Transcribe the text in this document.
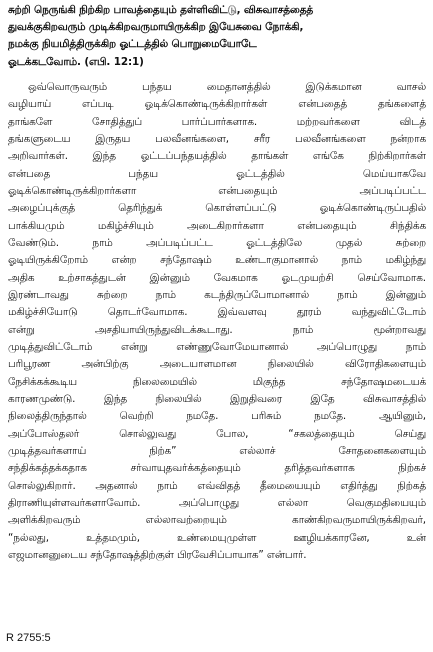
சுற்றி நெருங்கி நிற்கிற பாவத்தையும் தள்ளிவிட்டு, விசுவாசத்தைத்
துவக்குகிறவரும் முடிக்கிறவருமாயிருக்கிற இயேசுவை நோக்கி,
நமக்கு நியமித்திருக்கிற ஓட்டத்தில் பொறுமையோடே
ஓடக்கடவோம். (எபி. 12:1)
ஒவ்வொருவரும் பந்தய மைதானத்தில் இடுக்கமான வாசல்
வழியாய் எப்படி ஓடிக்கொண்டிருக்கிறார்கள் என்பதைத் தங்களைத்
தாங்களே சோதித்துப் பார்ப்பார்களாக. மற்றவர்களை விடத்
தங்களுடைய இருதய பலவீனங்களை, சரீர பலவீனங்களை நன்றாக
அறிவார்கள். இந்த ஓட்டப்பந்தயத்தில் தாங்கள் எங்கே நிற்கிறார்கள்
என்பதை பந்தய ஓட்டத்தில் மெய்யாகவே
ஓடிக்கொண்டிருக்கிறார்களா என்பதையும் அப்படிப்பட்ட
அழைப்புக்குத் தெரிந்துக் கொள்ளப்பட்டு ஓடிக்கொண்டிருப்பதில்
பாக்கியமும் மகிழ்ச்சியும் அடைகிறார்களா என்பதையும் சிந்திக்க
வேண்டும். நாம் அப்படிப்பட்ட ஓட்டத்திலே முதல் சுற்றை
ஓடியிருக்கிறோம் என்ற சந்தோஷம் உண்டாகுமானால் நாம் மகிழ்ந்து
அதிக உற்சாகத்துடன் இன்னும் வேகமாக ஓடமுயற்சி செய்வோமாக.
இரண்டாவது சுற்றை நாம் கடந்திருப்போமானால் நாம் இன்னும்
மகிழ்ச்சியோடு தொடர்வோமாக. இவ்வளவு தூரம் வந்துவிட்டோம்
என்று அசதியாயிருந்துவிடக்கூடாது. நாம் மூன்றாவது
முடித்துவிட்டோம் என்று எண்ணுவோமேயானால் அப்பொழுது நாம்
பரிபூரண அன்பிற்கு அடையாளமான நிலையில் விரோதிகளையும்
நேசிக்கக்கூடிய நிலைமையில் மிகுந்த சந்தோஷமடையக்
காரணமுண்டு. இந்த நிலையில் இறுதிவரை இதே விசுவாசத்தில்
நிலைத்திருந்தால் வெற்றி நமதே. பரிசும் நமதே. ஆயினும்,
அப்போஸ்தலர் சொல்லுவது போல, “சகலத்தையும் செய்து
முடித்தவர்களாய் நிற்க” எல்லாச் சோதனைகளையும்
சந்திக்கத்தக்கதாக சர்வாயுதவர்க்கத்தையும் தரித்தவர்களாக நிற்கச்
சொல்லுகிறார். அதனால் நாம் எவ்விதத் தீமையையும் எதிர்த்து நிற்கத்
திராணியுள்ளவர்களாவோம். அப்பொழுது எல்லா வெகுமதியையும்
அளிக்கிறவரும் எல்லாவற்றையும் காண்கிறவருமாயிருக்கிறவர்,
“நல்லது, உத்தமமும், உண்மையுமுள்ள ஊழியக்காரனே, உன்
எஜமானனுடைய சந்தோஷத்திற்குள் பிரவேசிப்பாயாக” என்பார்.
R 2755:5
